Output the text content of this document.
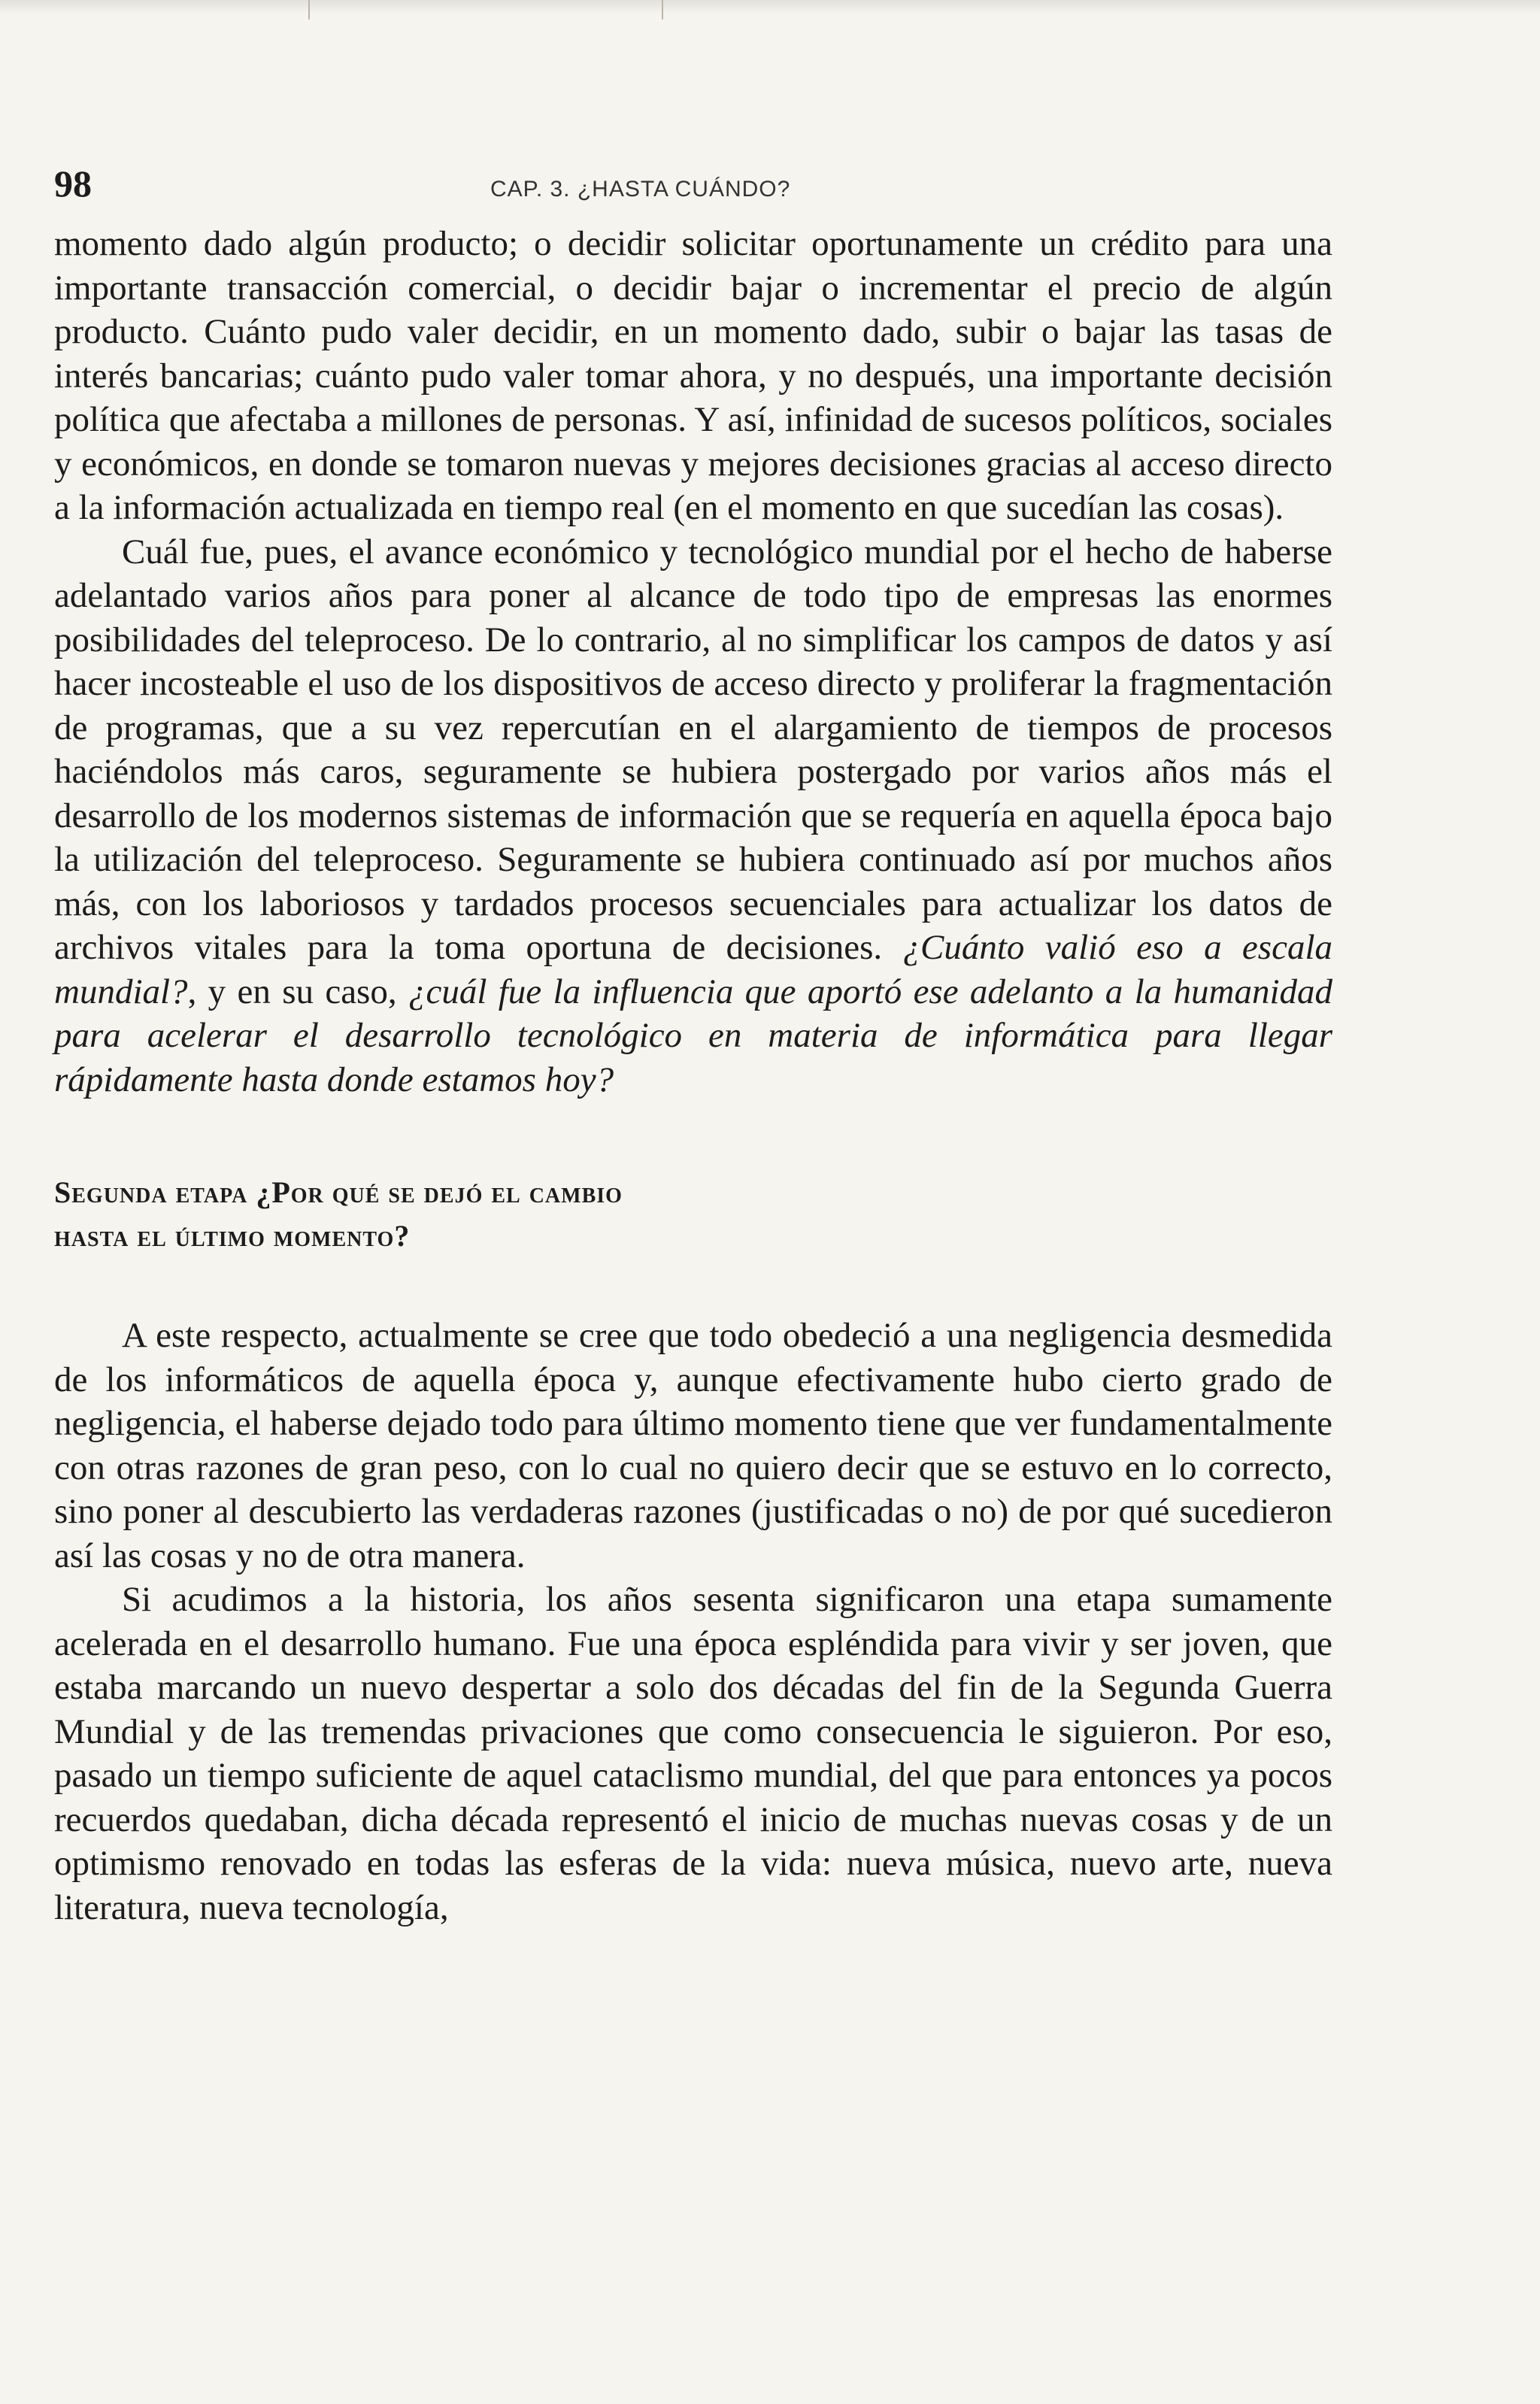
98	CAP. 3. ¿HASTA CUÁNDO?

momento dado algún producto; o decidir solicitar oportunamente un crédito para una importante transacción comercial, o decidir bajar o incrementar el precio de algún producto. Cuánto pudo valer decidir, en un momento dado, subir o bajar las tasas de interés bancarias; cuánto pudo valer tomar ahora, y no después, una importante decisión política que afectaba a millones de personas. Y así, infinidad de sucesos políticos, sociales y económicos, en donde se tomaron nuevas y mejores decisiones gracias al acceso directo a la información actualizada en tiempo real (en el momento en que sucedían las cosas).

Cuál fue, pues, el avance económico y tecnológico mundial por el hecho de haberse adelantado varios años para poner al alcance de todo tipo de empresas las enormes posibilidades del teleproceso. De lo contrario, al no simplificar los campos de datos y así hacer incosteable el uso de los dispositivos de acceso directo y proliferar la fragmentación de programas, que a su vez repercutían en el alargamiento de tiempos de procesos haciéndolos más caros, seguramente se hubiera postergado por varios años más el desarrollo de los modernos sistemas de información que se requería en aquella época bajo la utilización del teleproceso. Seguramente se hubiera continuado así por muchos años más, con los laboriosos y tardados procesos secuenciales para actualizar los datos de archivos vitales para la toma oportuna de decisiones. ¿Cuánto valió eso a escala mundial?, y en su caso, ¿cuál fue la influencia que aportó ese adelanto a la humanidad para acelerar el desarrollo tecnológico en materia de informática para llegar rápidamente hasta donde estamos hoy?

Segunda etapa ¿Por qué se dejó el cambio
hasta el último momento?

A este respecto, actualmente se cree que todo obedeció a una negligencia desmedida de los informáticos de aquella época y, aunque efectivamente hubo cierto grado de negligencia, el haberse dejado todo para último momento tiene que ver fundamentalmente con otras razones de gran peso, con lo cual no quiero decir que se estuvo en lo correcto, sino poner al descubierto las verdaderas razones (justificadas o no) de por qué sucedieron así las cosas y no de otra manera.

Si acudimos a la historia, los años sesenta significaron una etapa sumamente acelerada en el desarrollo humano. Fue una época espléndida para vivir y ser joven, que estaba marcando un nuevo despertar a solo dos décadas del fin de la Segunda Guerra Mundial y de las tremendas privaciones que como consecuencia le siguieron. Por eso, pasado un tiempo suficiente de aquel cataclismo mundial, del que para entonces ya pocos recuerdos quedaban, dicha década representó el inicio de muchas nuevas cosas y de un optimismo renovado en todas las esferas de la vida: nueva música, nuevo arte, nueva literatura, nueva tecnología,
